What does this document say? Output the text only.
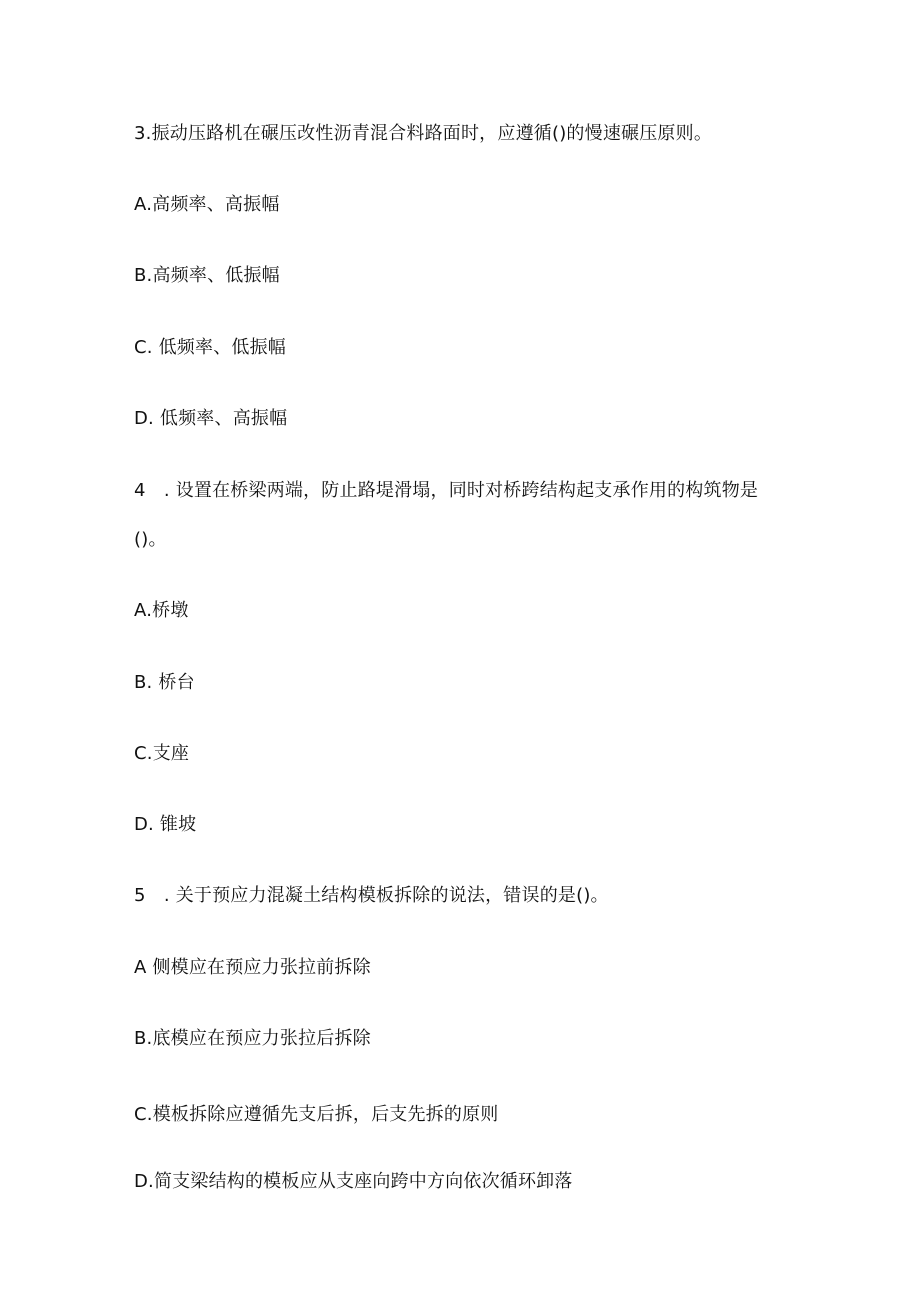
3.振动压路机在碾压改性沥青混合料路面时，应遵循()的慢速碾压原则。
A.高频率、高振幅
B.高频率、低振幅
C. 低频率、低振幅
D. 低频率、高振幅
4 . 设置在桥梁两端，防止路堤滑塌，同时对桥跨结构起支承作用的构筑物是
()。
A.桥墩
B. 桥台
C.支座
D. 锥坡
5 . 关于预应力混凝土结构模板拆除的说法，错误的是()。
A 侧模应在预应力张拉前拆除
B.底模应在预应力张拉后拆除
C.模板拆除应遵循先支后拆，后支先拆的原则
D.简支梁结构的模板应从支座向跨中方向依次循环卸落
